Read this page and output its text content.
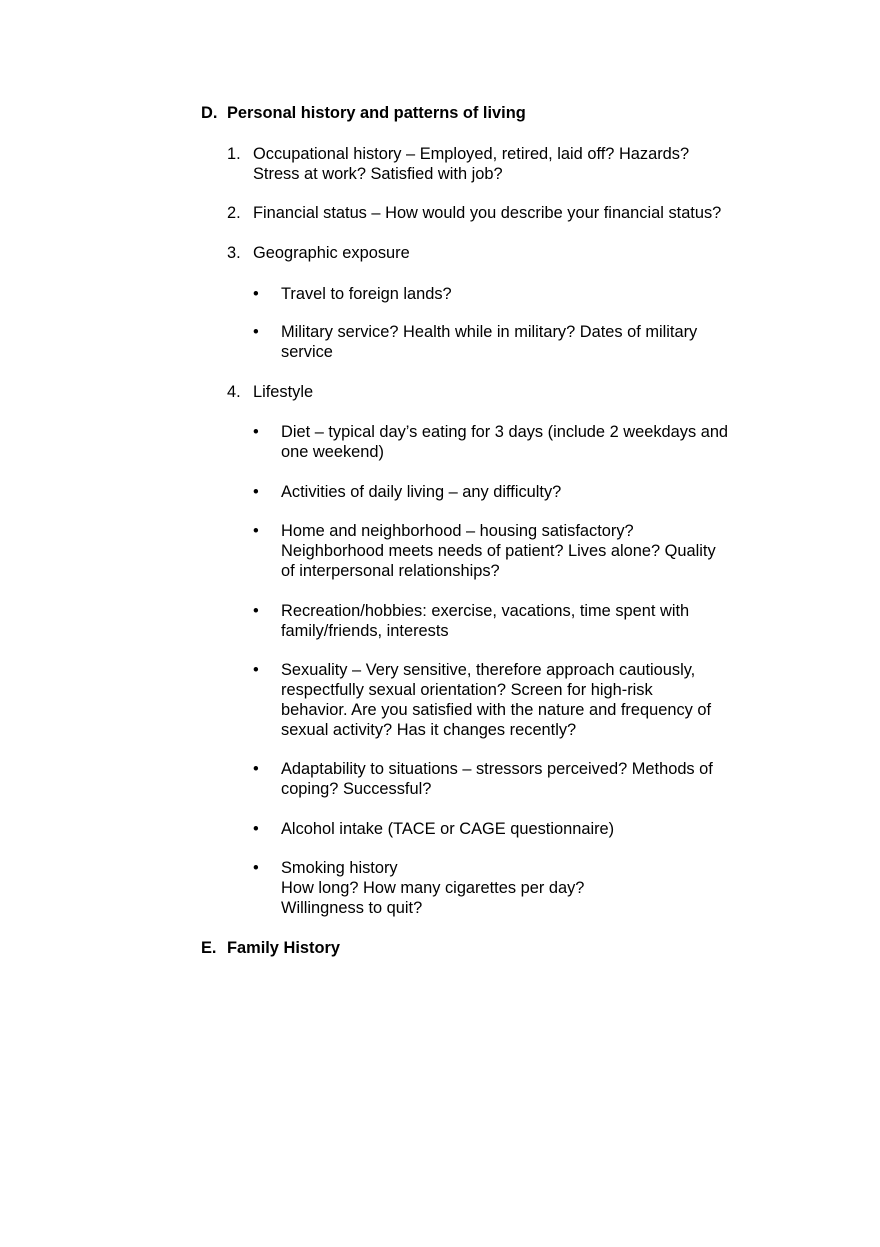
D. Personal history and patterns of living
1. Occupational history – Employed, retired, laid off? Hazards?
Stress at work? Satisfied with job?
2. Financial status – How would you describe your financial status?
3. Geographic exposure
• Travel to foreign lands?
• Military service? Health while in military? Dates of military
service
4. Lifestyle
• Diet – typical day’s eating for 3 days (include 2 weekdays and
one weekend)
• Activities of daily living – any difficulty?
• Home and neighborhood – housing satisfactory?
Neighborhood meets needs of patient? Lives alone? Quality
of interpersonal relationships?
• Recreation/hobbies: exercise, vacations, time spent with
family/friends, interests
• Sexuality – Very sensitive, therefore approach cautiously,
respectfully sexual orientation? Screen for high-risk
behavior. Are you satisfied with the nature and frequency of
sexual activity? Has it changes recently?
• Adaptability to situations – stressors perceived? Methods of
coping? Successful?
• Alcohol intake (TACE or CAGE questionnaire)
• Smoking history
How long? How many cigarettes per day?
Willingness to quit?
E. Family History
